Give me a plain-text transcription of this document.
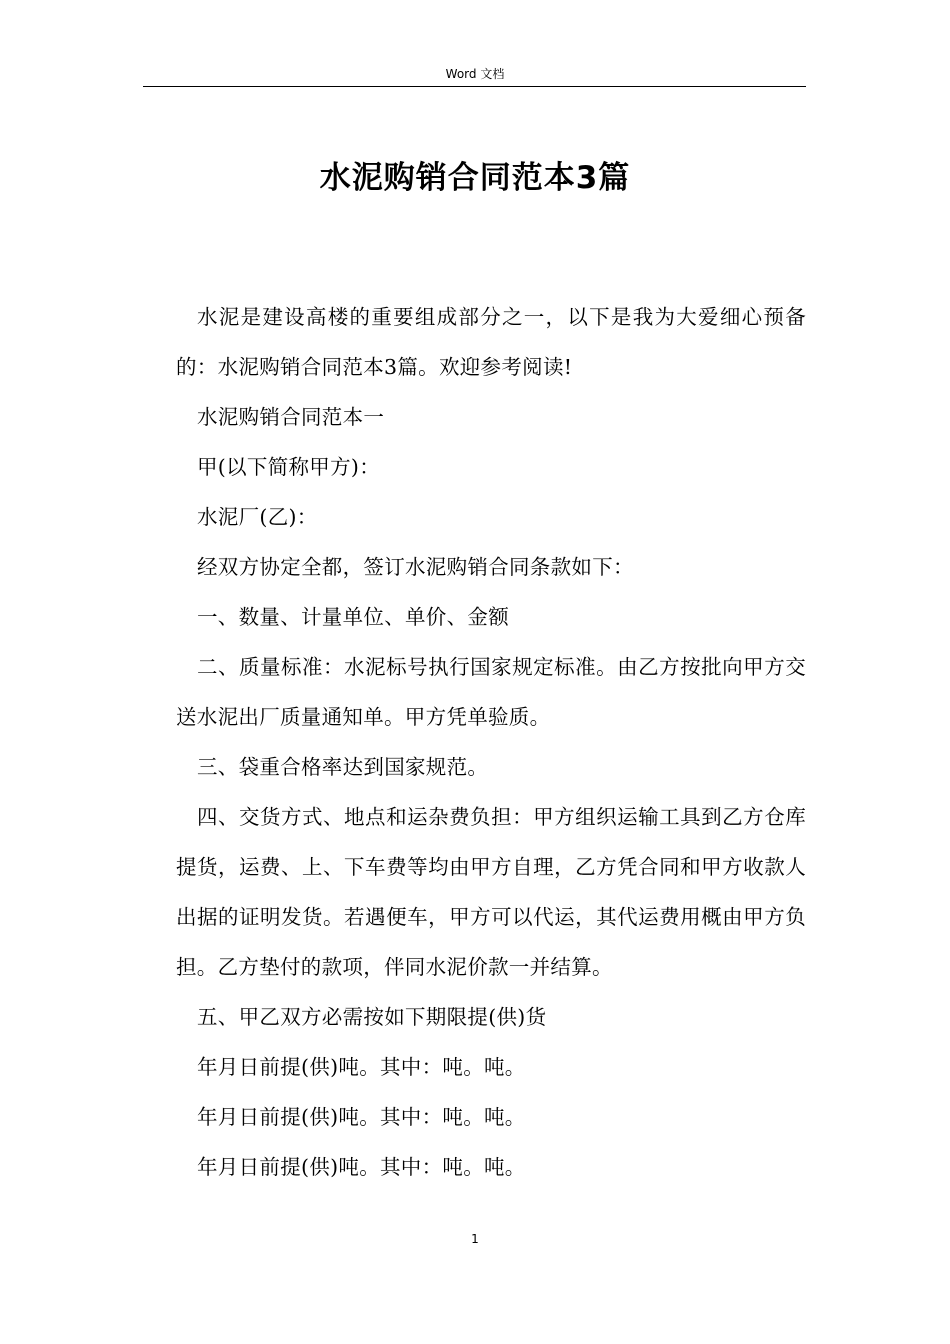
Word 文档
水泥购销合同范本3篇

水泥是建设高楼的重要组成部分之一，以下是我为大爱细心预备的：水泥购销合同范本3篇。欢迎参考阅读!

水泥购销合同范本一

甲(以下简称甲方)：

水泥厂(乙)：

经双方协定全都，签订水泥购销合同条款如下：

一、数量、计量单位、单价、金额

二、质量标准：水泥标号执行国家规定标准。由乙方按批向甲方交送水泥出厂质量通知单。甲方凭单验质。

三、袋重合格率达到国家规范。

四、交货方式、地点和运杂费负担：甲方组织运输工具到乙方仓库提货，运费、上、下车费等均由甲方自理，乙方凭合同和甲方收款人出据的证明发货。若遇便车，甲方可以代运，其代运费用概由甲方负担。乙方垫付的款项，伴同水泥价款一并结算。

五、甲乙双方必需按如下期限提(供)货

年月日前提(供)吨。其中：吨。吨。

年月日前提(供)吨。其中：吨。吨。

年月日前提(供)吨。其中：吨。吨。

1
